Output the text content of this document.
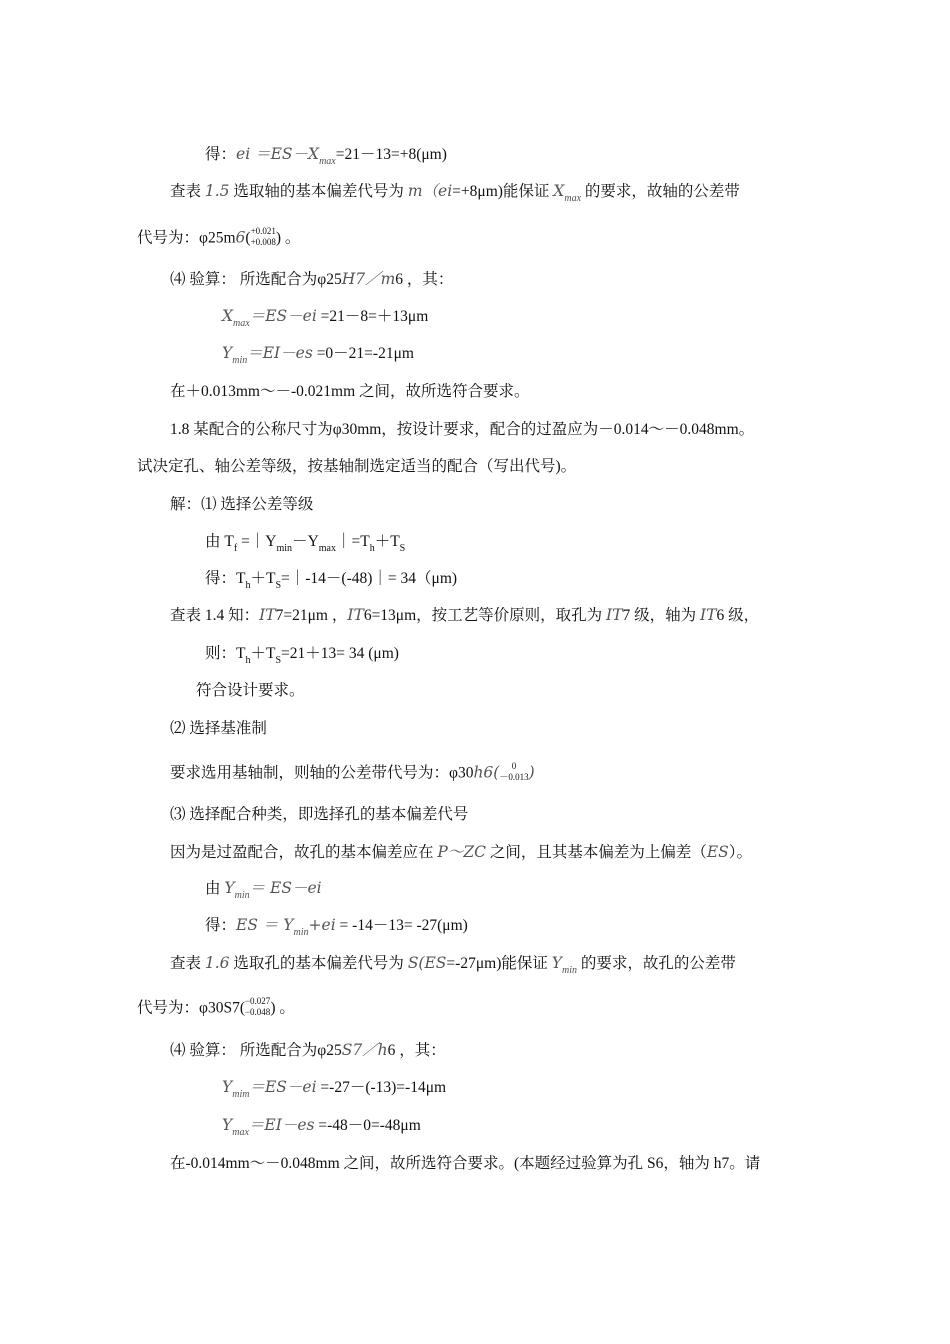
得：ei $=ES-X_{max}=21-13=+8(\mu m)$
查表 1.5 选取轴的基本偏差代号为 m（ei=+8μm)能保证 $X_{max}$ 的要求，故轴的公差带
代号为：φ25m6( +0.021
+0.008 ) 。
⑷ 验算： 所选配合为φ25H7／m6 ，其：
$X_{max}=ES-ei =21-8=+13\mu m$
$Y_{min}=EI-es =0-21=-21\mu m$
在＋0.013mm～－-0.021mm 之间，故所选符合要求。
1.8 某配合的公称尺寸为φ30mm，按设计要求，配合的过盈应为－0.014～－0.048mm。
试决定孔、轴公差等级，按基轴制选定适当的配合（写出代号)。
解：⑴ 选择公差等级
由 $T_f$ $=|Y_{min}-Y_{max}|=T_h+T_S$
得：$T_h+T_S=|-14-(-48)|= 34(\mu m)$
查表 1.4 知：IT7=21μm ，IT6=13μm，按工艺等价原则，取孔为 IT7 级，轴为 IT6 级，
则：$T_h+T_S=21+13= 34$ (μm)
符合设计要求。
⑵ 选择基准制
要求选用基轴制，则轴的公差带代号为：φ30h6(	0
－0.013 )
⑶ 选择配合种类，即选择孔的基本偏差代号
因为是过盈配合，故孔的基本偏差应在 P～ZC 之间，且其基本偏差为上偏差（ES）。
由 $Y_{min}= ES-ei$
得：ES ＝ $Y_{min}+ei = -14-13= -27(\mu m)$
查表 1.6 选取孔的基本偏差代号为 S(ES=-27μm)能保证 $Y_{min}$ 的要求，故孔的公差带
代号为：φ30S7( −0.027
−0.048 ) 。
⑷ 验算： 所选配合为φ25S7／h6 ，其：
$Y_{mim}=ES-ei =-27-(-13)=-14\mu m$
$Y_{max}=EI-es =-48-0=-48\mu m$
在-0.014mm～－0.048mm 之间，故所选符合要求。(本题经过验算为孔 S6，轴为 h7。请
